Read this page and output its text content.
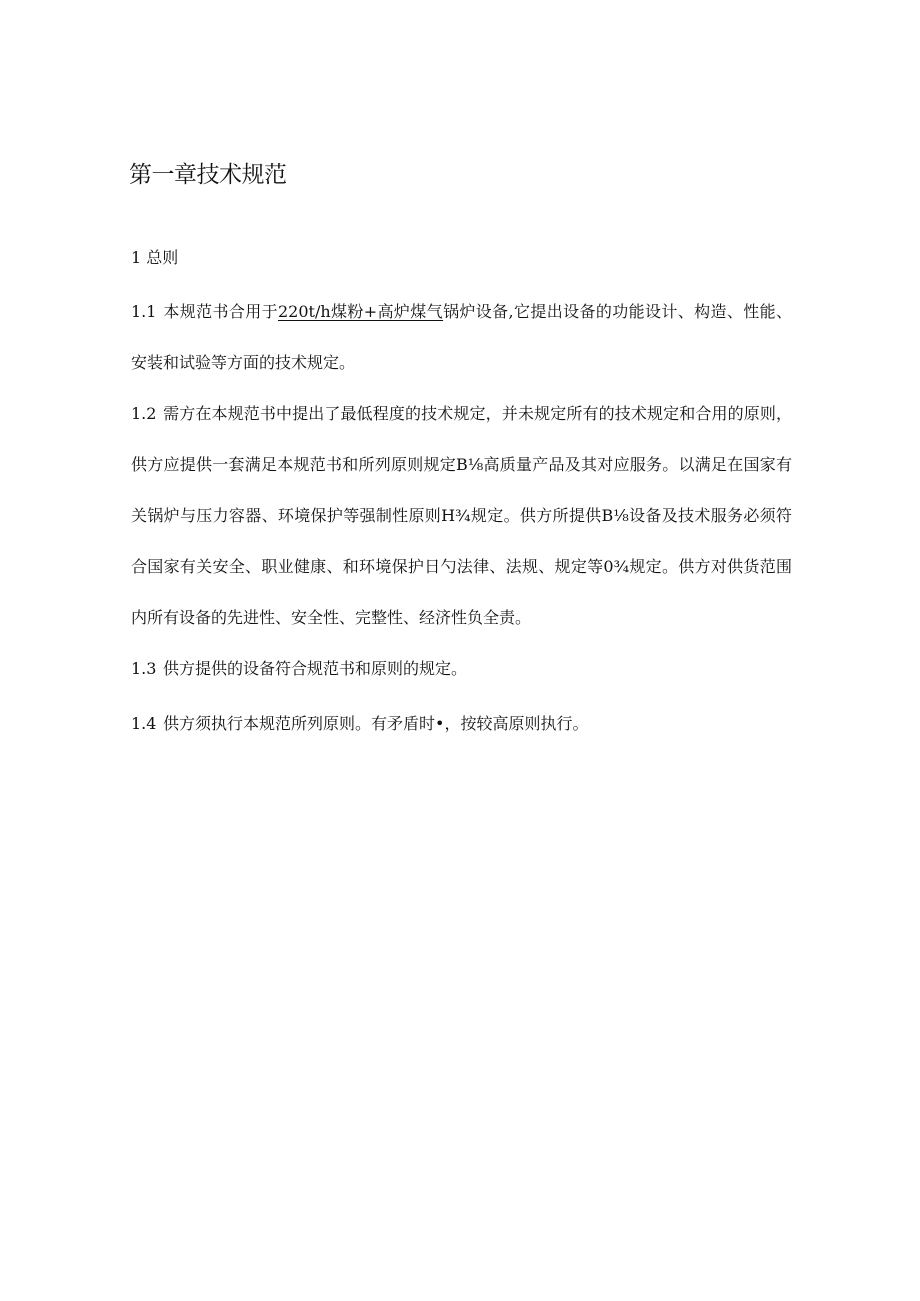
第一章技术规范
1 总则

1.1 本规范书合用于220t/h煤粉+高炉煤气锅炉设备,它提出设备的功能设计、构造、性能、安装和试验等方面的技术规定。

1.2 需方在本规范书中提出了最低程度的技术规定，并未规定所有的技术规定和合用的原则，供方应提供一套满足本规范书和所列原则规定B⅛高质量产品及其对应服务。以满足在国家有关锅炉与压力容器、环境保护等强制性原则H¾规定。供方所提供B⅛设备及技术服务必须符合国家有关安全、职业健康、和环境保护日勺法律、法规、规定等0¾规定。供方对供货范围内所有设备的先进性、安全性、完整性、经济性负全责。

1.3 供方提供的设备符合规范书和原则的规定。

1.4 供方须执行本规范所列原则。有矛盾时•，按较高原则执行。
